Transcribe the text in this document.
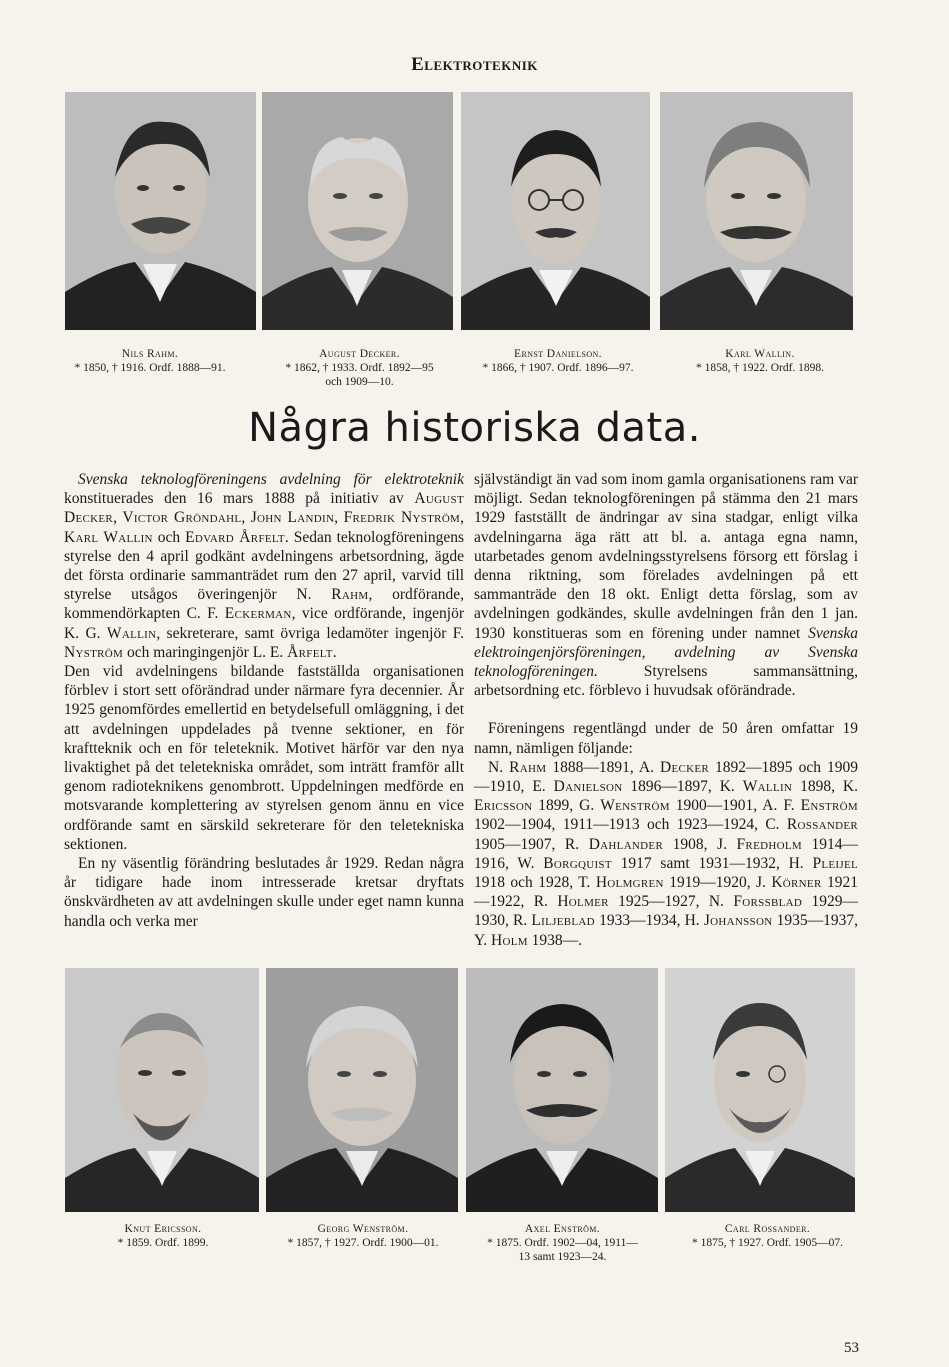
Elektroteknik
Nils Rahm.
* 1850, † 1916. Ordf. 1888—91.
August Decker.
* 1862, † 1933. Ordf. 1892—95
och 1909—10.
Ernst Danielson.
* 1866, † 1907. Ordf. 1896—97.
Karl Wallin.
* 1858, † 1922. Ordf. 1898.
Några historiska data.

Svenska teknologföreningens avdelning för elektroteknik konstituerades den 16 mars 1888 på initiativ av August Decker, Victor Gröndahl, John Landin, Fredrik Nyström, Karl Wallin och Edvard Årfelt. Sedan teknologföreningens styrelse den 4 april godkänt avdelningens arbetsordning, ägde det första ordinarie sammanträdet rum den 27 april, varvid till styrelse utsågos överingenjör N. Rahm, ordförande, kommendörkapten C. F. Eckerman, vice ordförande, ingenjör K. G. Wallin, sekreterare, samt övriga ledamöter ingenjör F. Nyström och maringingenjör L. E. Årfelt.

Den vid avdelningens bildande fastställda organisationen förblev i stort sett oförändrad under närmare fyra decennier. År 1925 genomfördes emellertid en betydelsefull omläggning, i det att avdelningen uppdelades på tvenne sektioner, en för kraftteknik och en för teleteknik. Motivet härför var den nya livaktighet på det teletekniska området, som inträtt framför allt genom radioteknikens genombrott. Uppdelningen medförde en motsvarande komplettering av styrelsen genom ännu en vice ordförande samt en särskild sekreterare för den teletekniska sektionen.

En ny väsentlig förändring beslutades år 1929. Redan några år tidigare hade inom intresserade kretsar dryftats önskvärdheten av att avdelningen skulle under eget namn kunna handla och verka mer

självständigt än vad som inom gamla organisationens ram var möjligt. Sedan teknologföreningen på stämma den 21 mars 1929 fastställt de ändringar av sina stadgar, enligt vilka avdelningarna äga rätt att bl. a. antaga egna namn, utarbetades genom avdelningsstyrelsens försorg ett förslag i denna riktning, som förelades avdelningen på ett sammanträde den 18 okt. Enligt detta förslag, som av avdelningen godkändes, skulle avdelningen från den 1 jan. 1930 konstitueras som en förening under namnet Svenska elektroingenjörsföreningen, avdelning av Svenska teknologföreningen. Styrelsens sammansättning, arbetsordning etc. förblevo i huvudsak oförändrade.

Föreningens regentlängd under de 50 åren omfattar 19 namn, nämligen följande:

N. Rahm 1888—1891, A. Decker 1892—1895 och 1909—1910, E. Danielson 1896—1897, K. Wallin 1898, K. Ericsson 1899, G. Wenström 1900—1901, A. F. Enström 1902—1904, 1911—1913 och 1923—1924, C. Rossander 1905—1907, R. Dahlander 1908, J. Fredholm 1914—1916, W. Borgquist 1917 samt 1931—1932, H. Pleijel 1918 och 1928, T. Holmgren 1919—1920, J. Körner 1921—1922, R. Holmer 1925—1927, N. Forssblad 1929—1930, R. Liljeblad 1933—1934, H. Johansson 1935—1937, Y. Holm 1938—.

Knut Ericsson.
* 1859. Ordf. 1899.
Georg Wenström.
* 1857, † 1927. Ordf. 1900—01.
Axel Enström.
* 1875. Ordf. 1902—04, 1911—
13 samt 1923—24.
Carl Rossander.
* 1875, † 1927. Ordf. 1905—07.
53
